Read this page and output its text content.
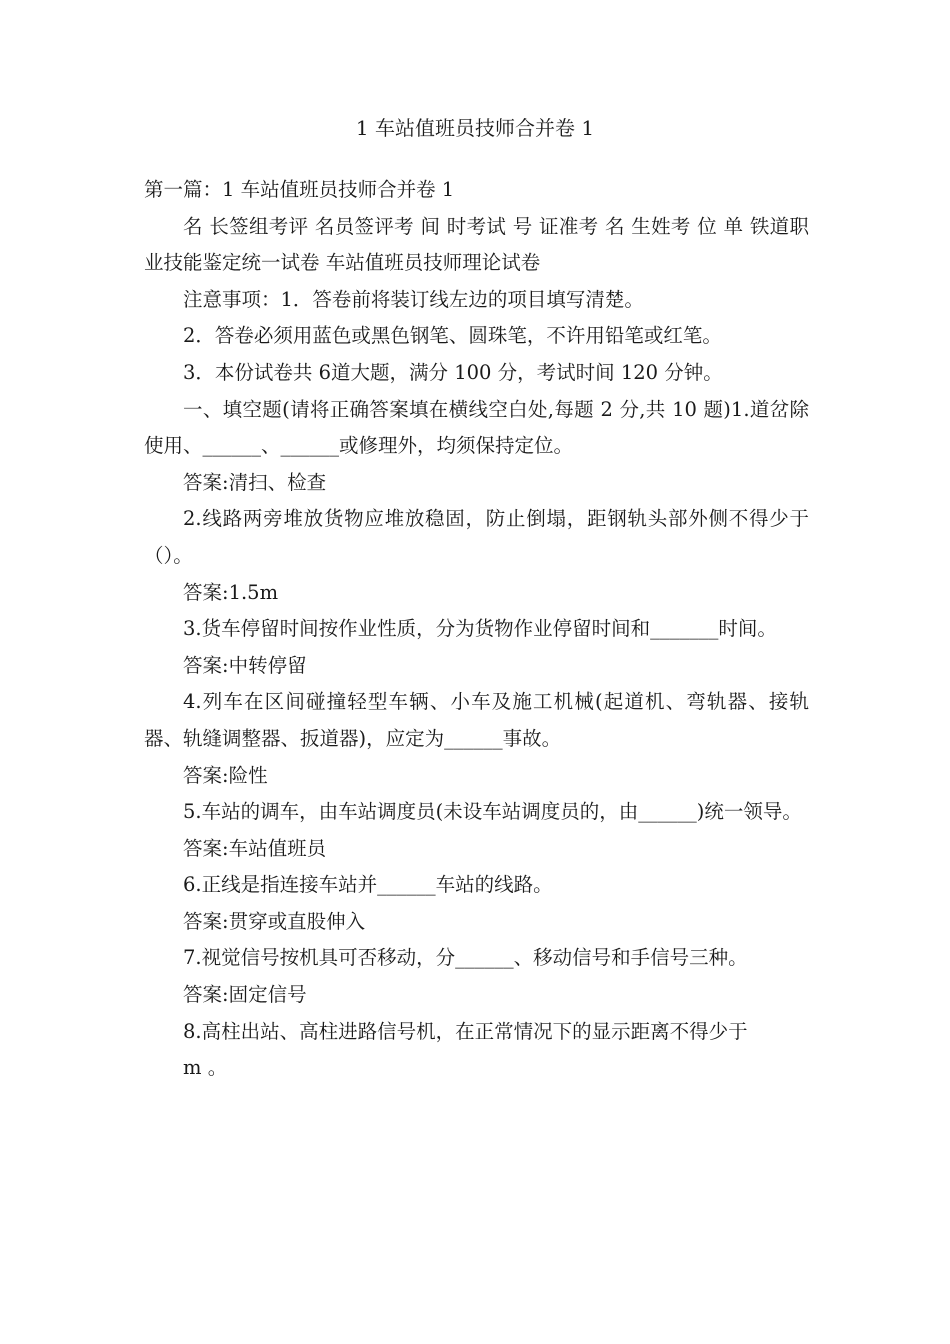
1 车站值班员技师合并卷 1

第一篇：1 车站值班员技师合并卷 1

名 长签组考评 名员签评考 间 时考试 号 证准考 名 生姓考 位 单 铁道职业技能鉴定统一试卷 车站值班员技师理论试卷

注意事项：1．答卷前将装订线左边的项目填写清楚。

2．答卷必须用蓝色或黑色钢笔、圆珠笔，不许用铅笔或红笔。

3．本份试卷共 6道大题，满分 100 分，考试时间 120 分钟。

一、填空题(请将正确答案填在横线空白处,每题 2 分,共 10 题)1.道岔除使用、______、______或修理外，均须保持定位。

答案:清扫、检查

2.线路两旁堆放货物应堆放稳固，防止倒塌，距钢轨头部外侧不得少于（）。

答案:1.5m

3.货车停留时间按作业性质，分为货物作业停留时间和_______时间。

答案:中转停留

4.列车在区间碰撞轻型车辆、小车及施工机械(起道机、弯轨器、接轨器、轨缝调整器、扳道器)，应定为______事故。

答案:险性

5.车站的调车，由车站调度员(未设车站调度员的，由______)统一领导。

答案:车站值班员

6.正线是指连接车站并______车站的线路。

答案:贯穿或直股伸入

7.视觉信号按机具可否移动，分______、移动信号和手信号三种。

答案:固定信号

8.高柱出站、高柱进路信号机，在正常情况下的显示距离不得少于

m 。
